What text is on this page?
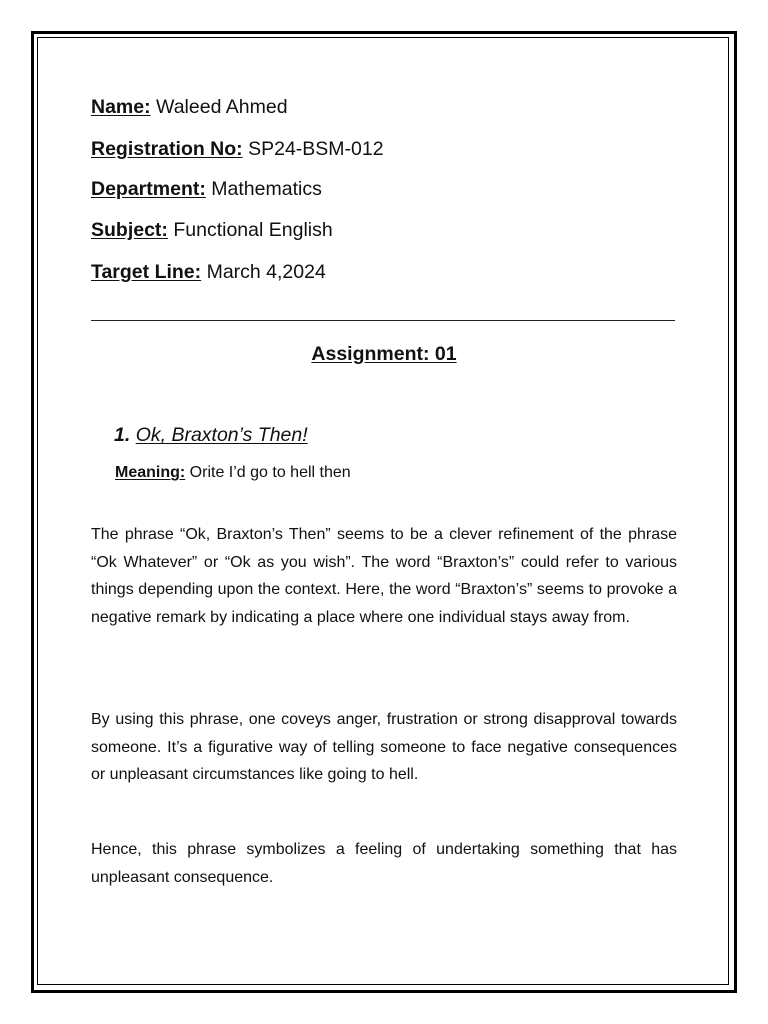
Name: Waleed Ahmed
Registration No: SP24-BSM-012
Department: Mathematics
Subject: Functional English
Target Line: March 4,2024
Assignment: 01
1. Ok, Braxton’s Then!
Meaning: Orite I’d go to hell then

The phrase “Ok, Braxton’s Then” seems to be a clever refinement of the phrase “Ok Whatever” or “Ok as you wish”. The word “Braxton’s” could refer to various things depending upon the context. Here, the word “Braxton’s” seems to provoke a negative remark by indicating a place where one individual stays away from.

By using this phrase, one coveys anger, frustration or strong disapproval towards someone. It’s a figurative way of telling someone to face negative consequences or unpleasant circumstances like going to hell.

Hence, this phrase symbolizes a feeling of undertaking something that has unpleasant consequence.
